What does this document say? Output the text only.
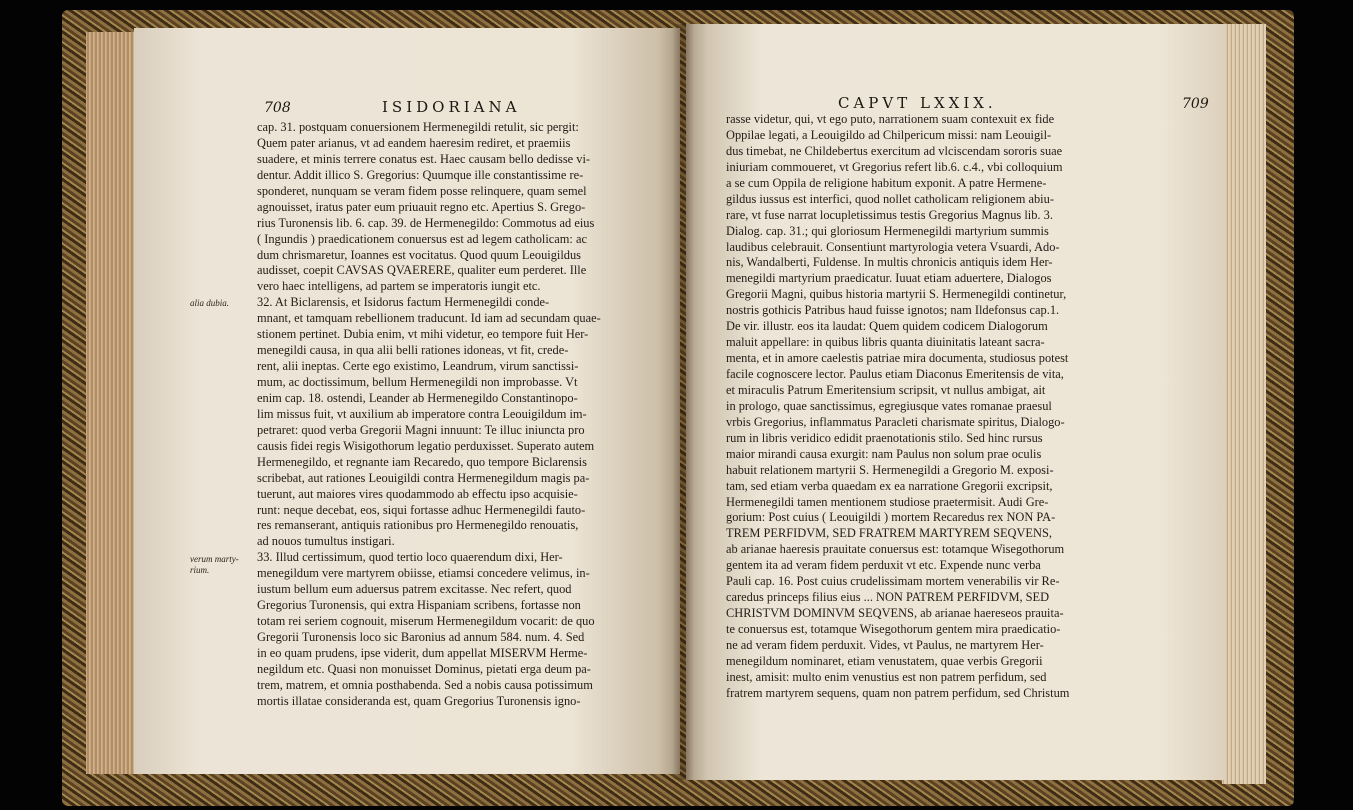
708	ISIDORIANA
cap. 31. postquam conuersionem Hermenegildi retulit, sic pergit:
Quem pater arianus, vt ad eandem haeresim rediret, et praemiis
suadere, et minis terrere conatus est. Haec causam bello dedisse vi-
dentur. Addit illico S. Gregorius: Quumque ille constantissime re-
sponderet, nunquam se veram fidem posse relinquere, quam semel
agnouisset, iratus pater eum priuauit regno etc. Apertius S. Grego-
rius Turonensis lib. 6. cap. 39. de Hermenegildo: Commotus ad eius
( Ingundis ) praedicationem conuersus est ad legem catholicam: ac
dum chrismaretur, Ioannes est vocitatus. Quod quum Leouigildus
audisset, coepit CAVSAS QVAERERE, qualiter eum perderet. Ille
vero haec intelligens, ad partem se imperatoris iungit etc.
32. At Biclarensis, et Isidorus factum Hermenegildi conde-
mnant, et tamquam rebellionem traducunt. Id iam ad secundam quae-
stionem pertinet. Dubia enim, vt mihi videtur, eo tempore fuit Her-
menegildi causa, in qua alii belli rationes idoneas, vt fit, crede-
rent, alii ineptas. Certe ego existimo, Leandrum, virum sanctissi-
mum, ac doctissimum, bellum Hermenegildi non improbasse. Vt
enim cap. 18. ostendi, Leander ab Hermenegildo Constantinopo-
lim missus fuit, vt auxilium ab imperatore contra Leouigildum im-
petraret: quod verba Gregorii Magni innuunt: Te illuc iniuncta pro
causis fidei regis Wisigothorum legatio perduxisset. Superato autem
Hermenegildo, et regnante iam Recaredo, quo tempore Biclarensis
scribebat, aut rationes Leouigildi contra Hermenegildum magis pa-
tuerunt, aut maiores vires quodammodo ab effectu ipso acquisie-
runt: neque decebat, eos, siqui fortasse adhuc Hermenegildi fauto-
res remanserant, antiquis rationibus pro Hermenegildo renouatis,
ad nouos tumultus instigari.
33. Illud certissimum, quod tertio loco quaerendum dixi, Her-
menegildum vere martyrem obiisse, etiamsi concedere velimus, in-
iustum bellum eum aduersus patrem excitasse. Nec refert, quod
Gregorius Turonensis, qui extra Hispaniam scribens, fortasse non
totam rei seriem cognouit, miserum Hermenegildum vocarit: de quo
Gregorii Turonensis loco sic Baronius ad annum 584. num. 4. Sed
in eo quam prudens, ipse viderit, dum appellat MISERVM Herme-
negildum etc. Quasi non monuisset Dominus, pietati erga deum pa-
trem, matrem, et omnia posthabenda. Sed a nobis causa potissimum
mortis illatae consideranda est, quam Gregorius Turonensis igno-
alia dubia.
verum marty-
rium.
CAPVT LXXIX.	709
rasse videtur, qui, vt ego puto, narrationem suam contexuit ex fide
Oppilae legati, a Leouigildo ad Chilpericum missi: nam Leouigil-
dus timebat, ne Childebertus exercitum ad vlciscendam sororis suae
iniuriam commoueret, vt Gregorius refert lib.6. c.4., vbi colloquium
a se cum Oppila de religione habitum exponit. A patre Hermene-
gildus iussus est interfici, quod nollet catholicam religionem abiu-
rare, vt fuse narrat locupletissimus testis Gregorius Magnus lib. 3.
Dialog. cap. 31.; qui gloriosum Hermenegildi martyrium summis
laudibus celebrauit. Consentiunt martyrologia vetera Vsuardi, Ado-
nis, Wandalberti, Fuldense. In multis chronicis antiquis idem Her-
menegildi martyrium praedicatur. Iuuat etiam aduertere, Dialogos
Gregorii Magni, quibus historia martyrii S. Hermenegildi continetur,
nostris gothicis Patribus haud fuisse ignotos; nam Ildefonsus cap.1.
De vir. illustr. eos ita laudat: Quem quidem codicem Dialogorum
maluit appellare: in quibus libris quanta diuinitatis lateant sacra-
menta, et in amore caelestis patriae mira documenta, studiosus potest
facile cognoscere lector. Paulus etiam Diaconus Emeritensis de vita,
et miraculis Patrum Emeritensium scripsit, vt nullus ambigat, ait
in prologo, quae sanctissimus, egregiusque vates romanae praesul
vrbis Gregorius, inflammatus Paracleti charismate spiritus, Dialogo-
rum in libris veridico edidit praenotationis stilo. Sed hinc rursus
maior mirandi causa exurgit: nam Paulus non solum prae oculis
habuit relationem martyrii S. Hermenegildi a Gregorio M. exposi-
tam, sed etiam verba quaedam ex ea narratione Gregorii excripsit,
Hermenegildi tamen mentionem studiose praetermisit. Audi Gre-
gorium: Post cuius ( Leouigildi ) mortem Recaredus rex NON PA-
TREM PERFIDVM, SED FRATREM MARTYREM SEQVENS,
ab arianae haeresis prauitate conuersus est: totamque Wisegothorum
gentem ita ad veram fidem perduxit vt etc. Expende nunc verba
Pauli cap. 16. Post cuius crudelissimam mortem venerabilis vir Re-
caredus princeps filius eius ... NON PATREM PERFIDVM, SED
CHRISTVM DOMINVM SEQVENS, ab arianae haereseos prauita-
te conuersus est, totamque Wisegothorum gentem mira praedicatio-
ne ad veram fidem perduxit. Vides, vt Paulus, ne martyrem Her-
menegildum nominaret, etiam venustatem, quae verbis Gregorii
inest, amisit: multo enim venustius est non patrem perfidum, sed
fratrem martyrem sequens, quam non patrem perfidum, sed Christum
